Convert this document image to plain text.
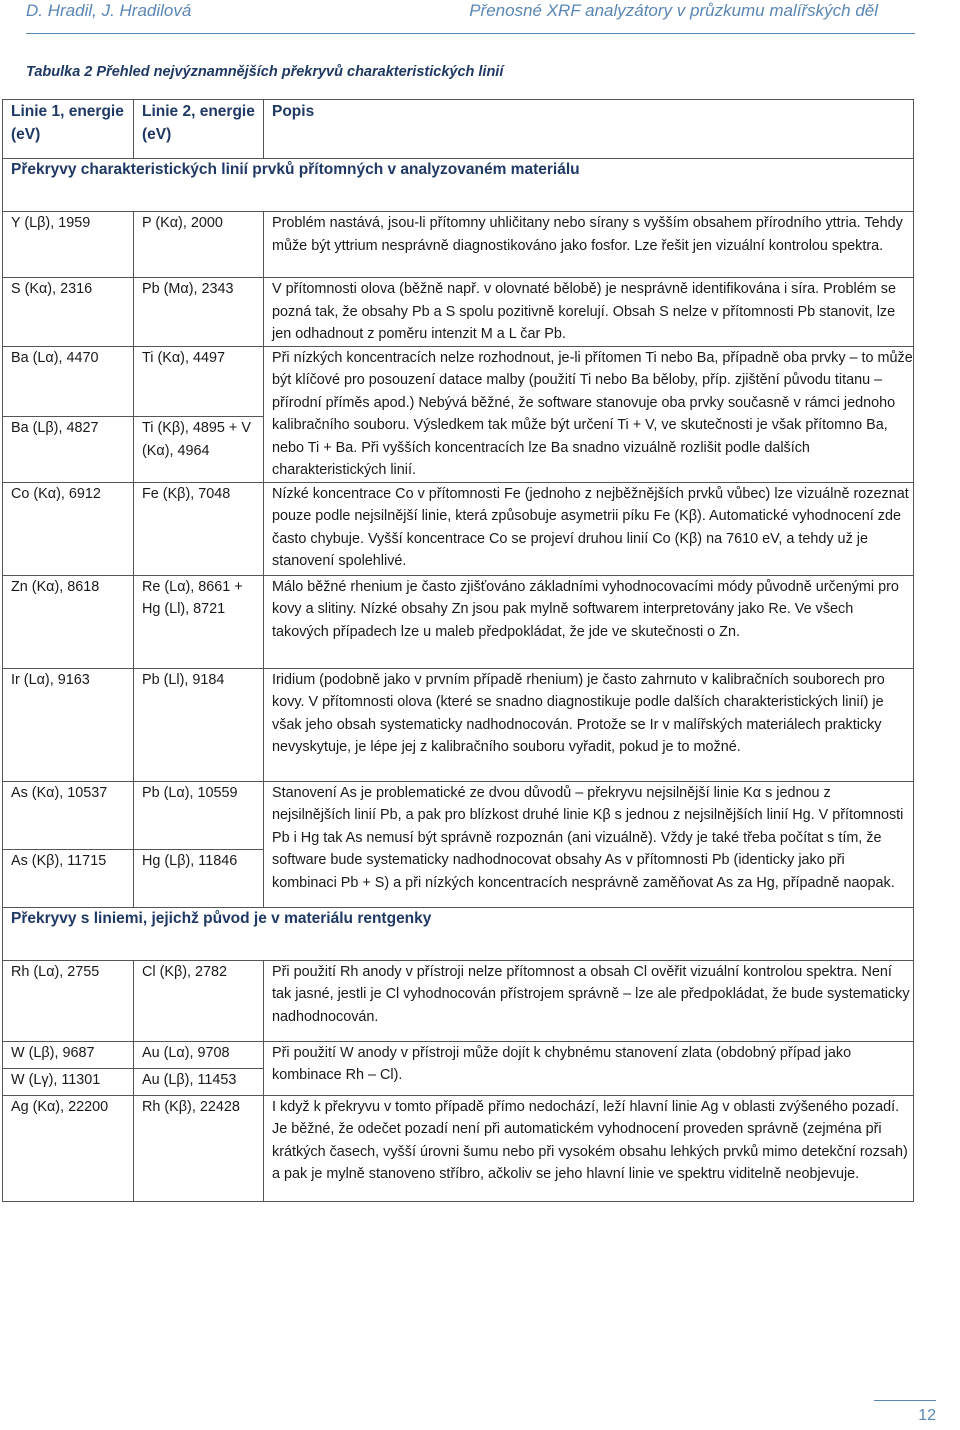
D. Hradil, J. Hradilová	Přenosné XRF analyzátory v průzkumu malířských děl
Tabulka 2 Přehled nejvýznamnějších překryvů charakteristických linií
Linie 1, energie (eV)	Linie 2, energie (eV)	Popis
Překryvy charakteristických linií prvků přítomných v analyzovaném materiálu		
Y (Lβ), 1959	P (Kα), 2000	Problém nastává, jsou-li přítomny uhličitany nebo sírany s vyšším obsahem přírodního yttria. Tehdy může být yttrium nesprávně diagnostikováno jako fosfor. Lze řešit jen vizuální kontrolou spektra.
S (Kα), 2316	Pb (Mα), 2343	V přítomnosti olova (běžně např. v olovnaté bělobě) je nesprávně identifikována i síra. Problém se pozná tak, že obsahy Pb a S spolu pozitivně korelují. Obsah S nelze v přítomnosti Pb stanovit, lze jen odhadnout z poměru intenzit M a L čar Pb.
Ba (Lα), 4470	Ti (Kα), 4497	Při nízkých koncentracích nelze rozhodnout, je-li přítomen Ti nebo Ba, případně oba prvky – to může být klíčové pro posouzení datace malby (použití Ti nebo Ba běloby, příp. zjištění původu titanu – přírodní příměs apod.) Nebývá běžné, že software stanovuje oba prvky současně v rámci jednoho kalibračního souboru. Výsledkem tak může být určení Ti + V, ve skutečnosti je však přítomno Ba, nebo Ti + Ba. Při vyšších koncentracích lze Ba snadno vizuálně rozlišit podle dalších charakteristických linií.
Ba (Lβ), 4827	Ti (Kβ), 4895 + V (Kα), 4964	
Co (Kα), 6912	Fe (Kβ), 7048	Nízké koncentrace Co v přítomnosti Fe (jednoho z nejběžnějších prvků vůbec) lze vizuálně rozeznat pouze podle nejsilnější linie, která způsobuje asymetrii píku Fe (Kβ). Automatické vyhodnocení zde často chybuje. Vyšší koncentrace Co se projeví druhou linií Co (Kβ) na 7610 eV, a tehdy už je stanovení spolehlivé.
Zn (Kα), 8618	Re (Lα), 8661 + Hg (Ll), 8721	Málo běžné rhenium je často zjišťováno základními vyhodnocovacími módy původně určenými pro kovy a slitiny. Nízké obsahy Zn jsou pak mylně softwarem interpretovány jako Re. Ve všech takových případech lze u maleb předpokládat, že jde ve skutečnosti o Zn.
Ir (Lα), 9163	Pb (Ll), 9184	Iridium (podobně jako v prvním případě rhenium) je často zahrnuto v kalibračních souborech pro kovy. V přítomnosti olova (které se snadno diagnostikuje podle dalších charakteristických linií) je však jeho obsah systematicky nadhodnocován. Protože se Ir v malířských materiálech prakticky nevyskytuje, je lépe jej z kalibračního souboru vyřadit, pokud je to možné.
As (Kα), 10537	Pb (Lα), 10559	Stanovení As je problematické ze dvou důvodů – překryvu nejsilnější linie Kα s jednou z nejsilnějších linií Pb, a pak pro blízkost druhé linie Kβ s jednou z nejsilnějších linií Hg. V přítomnosti Pb i Hg tak As nemusí být správně rozpoznán (ani vizuálně). Vždy je také třeba počítat s tím, že software bude systematicky nadhodnocovat obsahy As v přítomnosti Pb (identicky jako při kombinaci Pb + S) a při nízkých koncentracích nesprávně zaměňovat As za Hg, případně naopak.
As (Kβ), 11715	Hg (Lβ), 11846	
Překryvy s liniemi, jejichž původ je v materiálu rentgenky		
Rh (Lα), 2755	Cl (Kβ), 2782	Při použití Rh anody v přístroji nelze přítomnost a obsah Cl ověřit vizuální kontrolou spektra. Není tak jasné, jestli je Cl vyhodnocován přístrojem správně – lze ale předpokládat, že bude systematicky nadhodnocován.
W (Lβ), 9687	Au (Lα), 9708	Při použití W anody v přístroji může dojít k chybnému stanovení zlata (obdobný případ jako kombinace Rh – Cl).
W (Lγ), 11301	Au (Lβ), 11453	
Ag (Kα), 22200	Rh (Kβ), 22428	I když k překryvu v tomto případě přímo nedochází, leží hlavní linie Ag v oblasti zvýšeného pozadí. Je běžné, že odečet pozadí není při automatickém vyhodnocení proveden správně (zejména při krátkých časech, vyšší úrovni šumu nebo při vysokém obsahu lehkých prvků mimo detekční rozsah) a pak je mylně stanoveno stříbro, ačkoliv se jeho hlavní linie ve spektru viditelně neobjevuje.
12
